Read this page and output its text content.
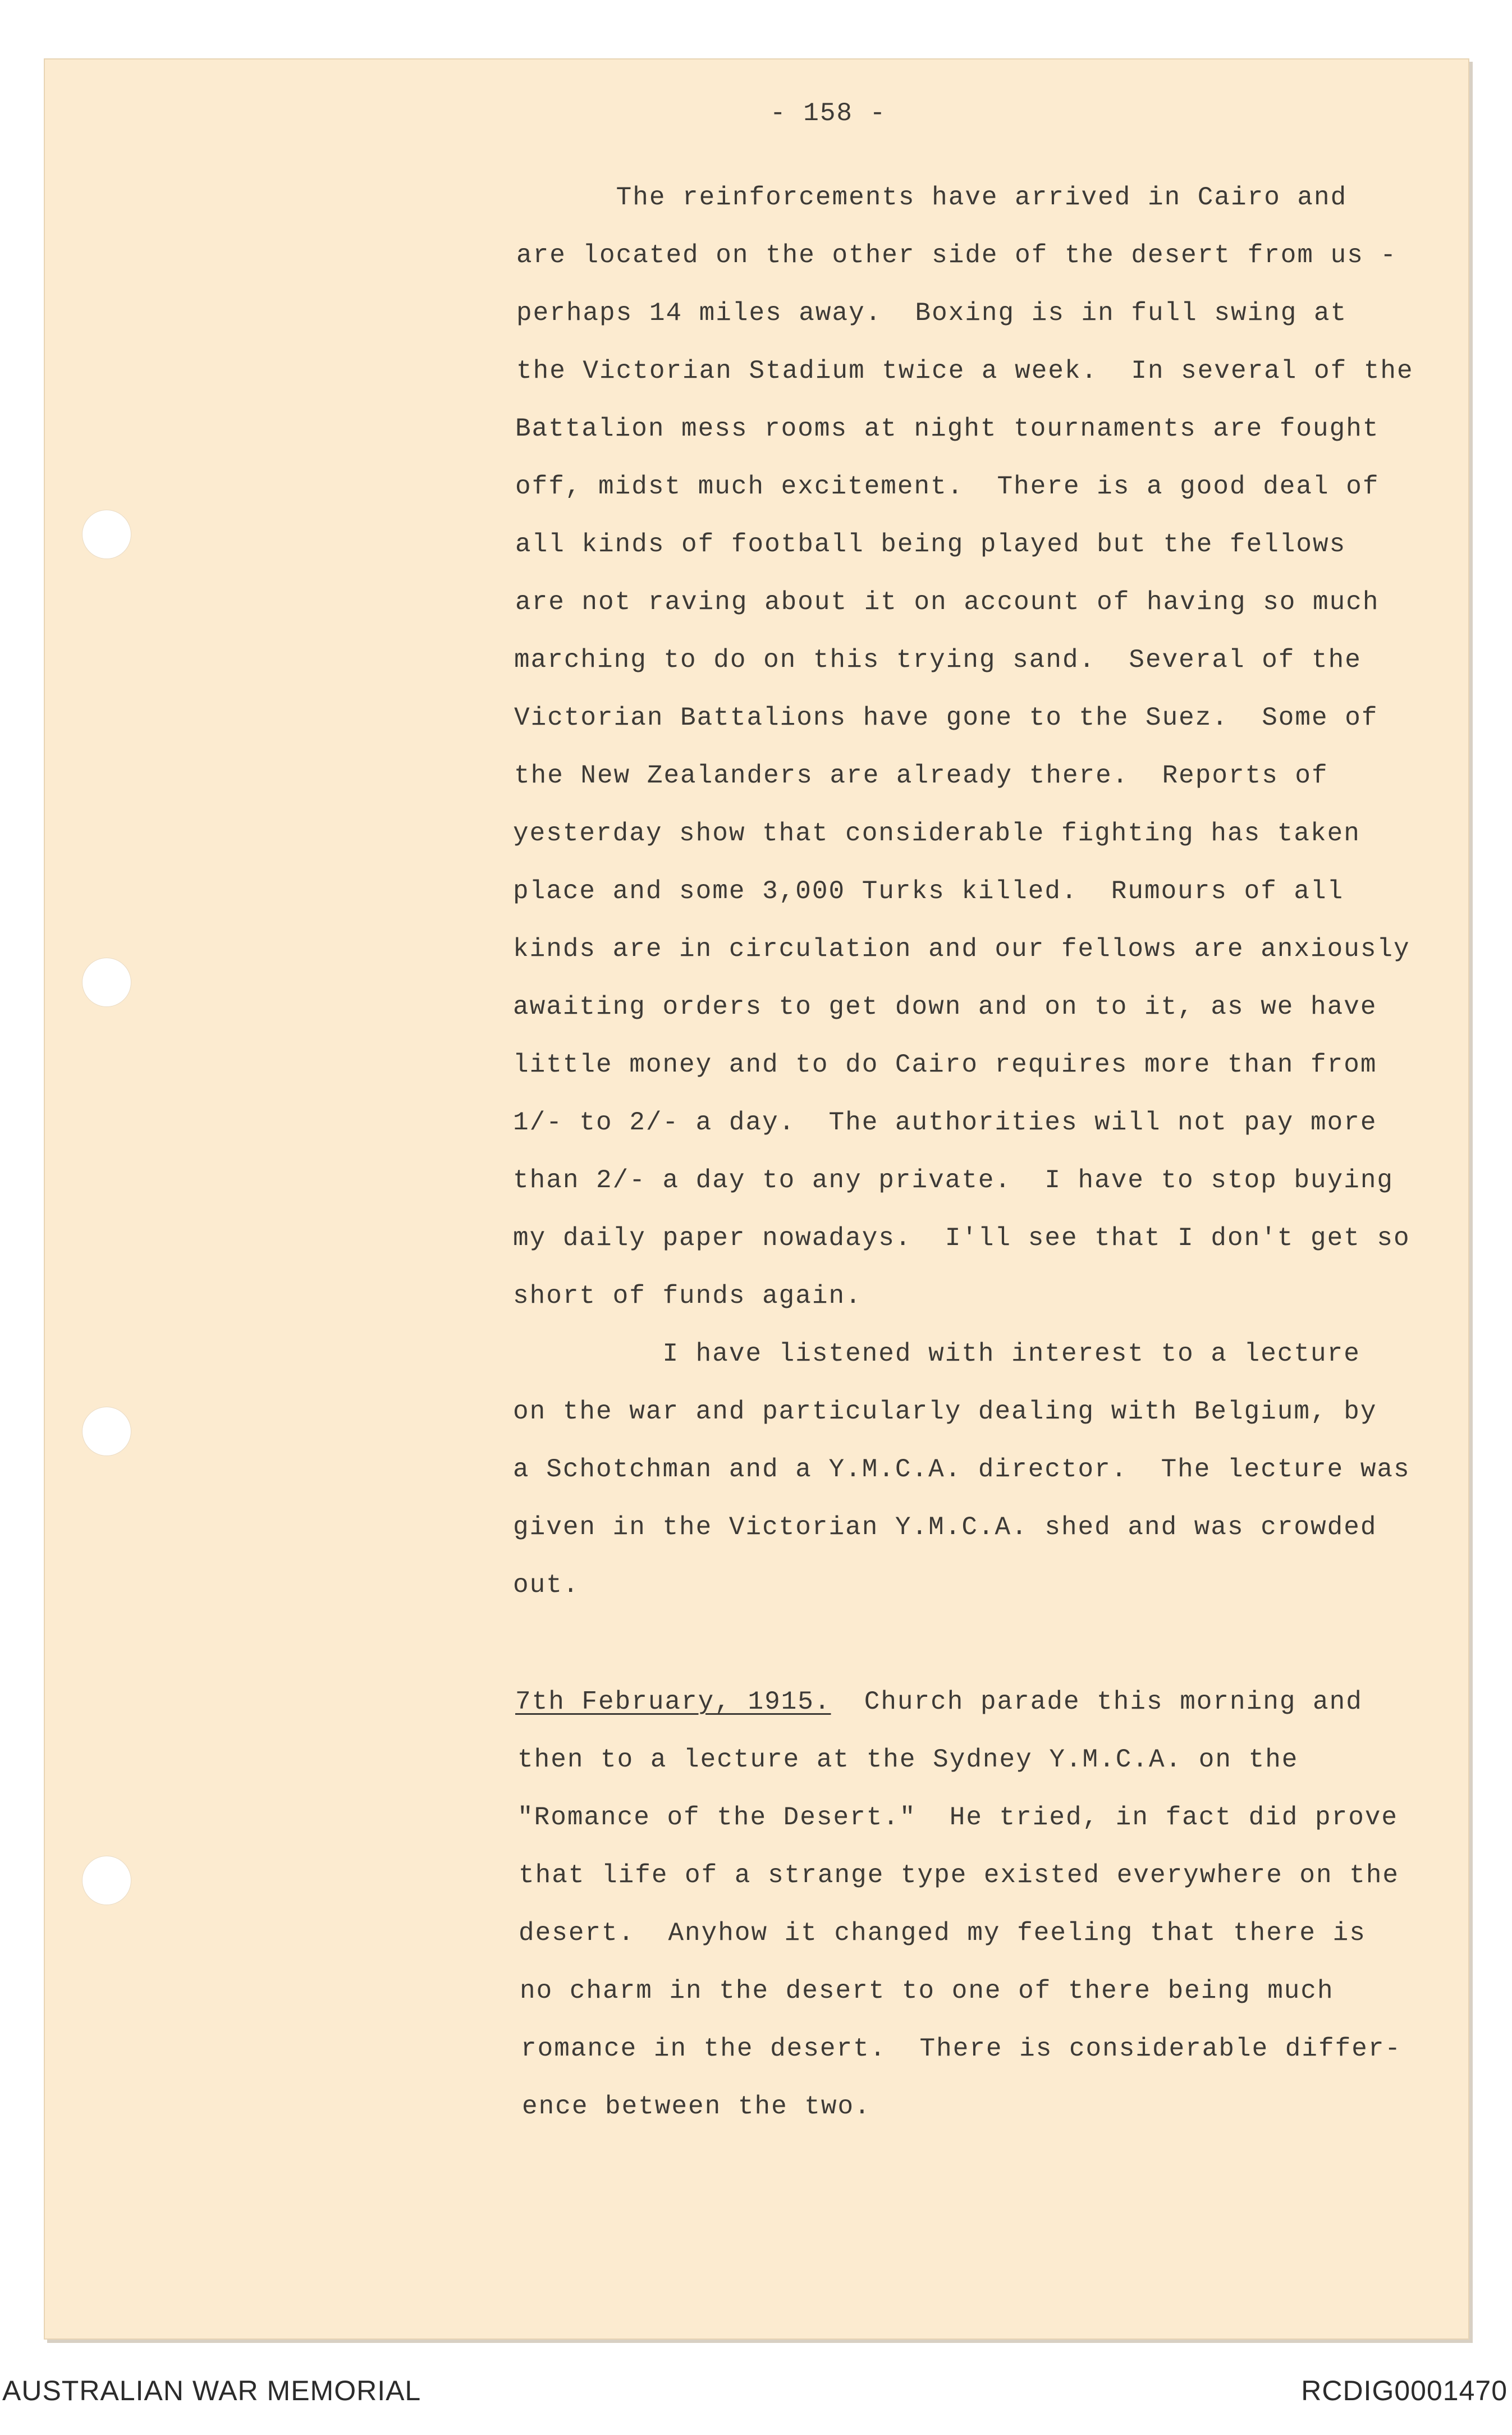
- 158 -
The reinforcements have arrived in Cairo and
are located on the other side of the desert from us -
perhaps 14 miles away.  Boxing is in full swing at
the Victorian Stadium twice a week.  In several of the
Battalion mess rooms at night tournaments are fought
off, midst much excitement.  There is a good deal of
all kinds of football being played but the fellows
are not raving about it on account of having so much
marching to do on this trying sand.  Several of the
Victorian Battalions have gone to the Suez.  Some of
the New Zealanders are already there.  Reports of
yesterday show that considerable fighting has taken
place and some 3,000 Turks killed.  Rumours of all
kinds are in circulation and our fellows are anxiously
awaiting orders to get down and on to it, as we have
little money and to do Cairo requires more than from
1/- to 2/- a day.  The authorities will not pay more
than 2/- a day to any private.  I have to stop buying
my daily paper nowadays.  I'll see that I don't get so
short of funds again.
I have listened with interest to a lecture
on the war and particularly dealing with Belgium, by
a Schotchman and a Y.M.C.A. director.  The lecture was
given in the Victorian Y.M.C.A. shed and was crowded
out.
7th February, 1915.  Church parade this morning and
then to a lecture at the Sydney Y.M.C.A. on the
"Romance of the Desert."  He tried, in fact did prove
that life of a strange type existed everywhere on the
desert.  Anyhow it changed my feeling that there is
no charm in the desert to one of there being much
romance in the desert.  There is considerable differ-
ence between the two.
AUSTRALIAN WAR MEMORIAL	RCDIG0001470
